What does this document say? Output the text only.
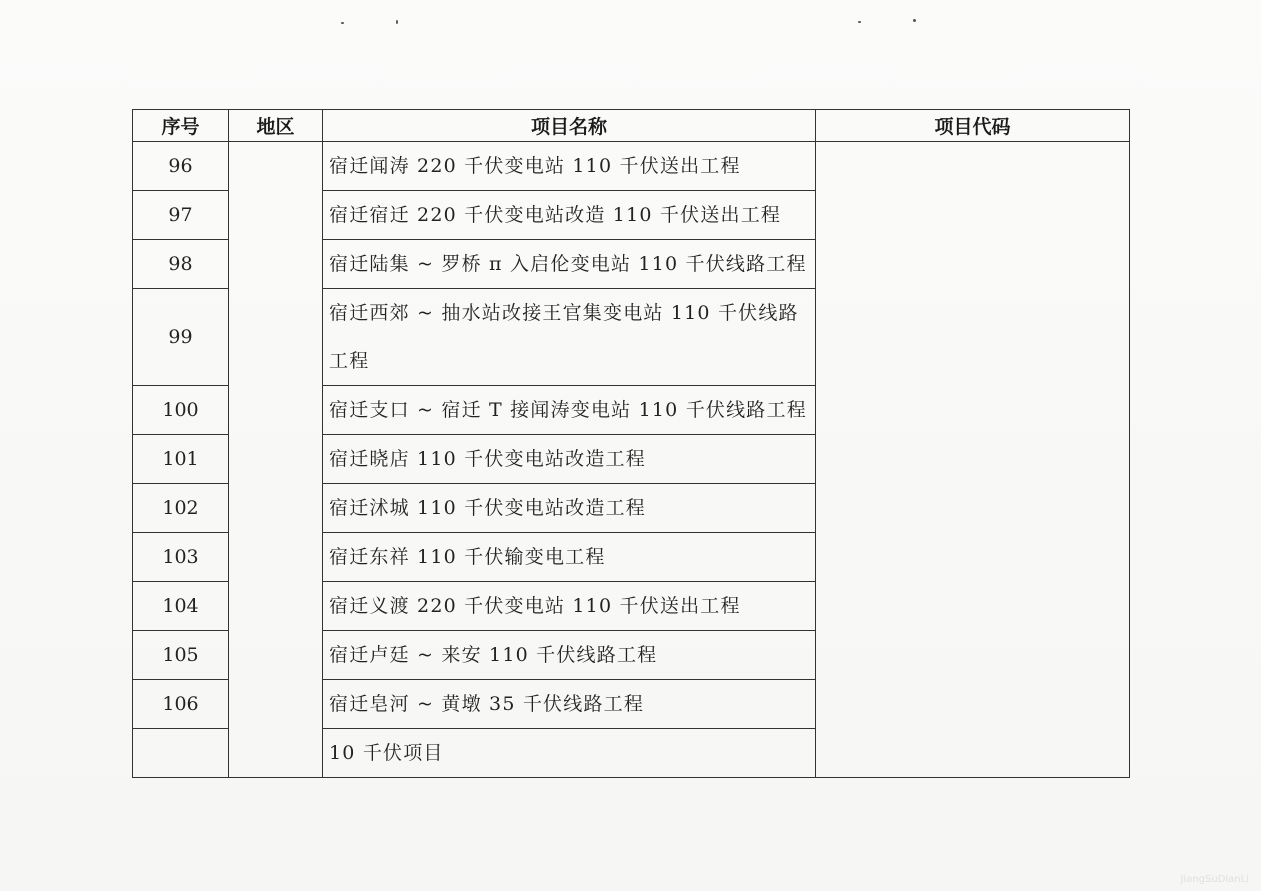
序号	地区	项目名称	项目代码
96		宿迁闻涛 220 千伏变电站 110 千伏送出工程	
97		宿迁宿迁 220 千伏变电站改造 110 千伏送出工程	
98		宿迁陆集 ~ 罗桥 π 入启伦变电站 110 千伏线路工程	
99		宿迁西郊 ~ 抽水站改接王官集变电站 110 千伏线路工程	
100		宿迁支口 ~ 宿迁 T 接闻涛变电站 110 千伏线路工程	
101		宿迁晓店 110 千伏变电站改造工程	
102		宿迁沭城 110 千伏变电站改造工程	
103		宿迁东祥 110 千伏输变电工程	
104		宿迁义渡 220 千伏变电站 110 千伏送出工程	
105		宿迁卢廷 ~ 来安 110 千伏线路工程	
106		宿迁皂河 ~ 黄墩 35 千伏线路工程	
		10 千伏项目	
JiangSuDianLi
